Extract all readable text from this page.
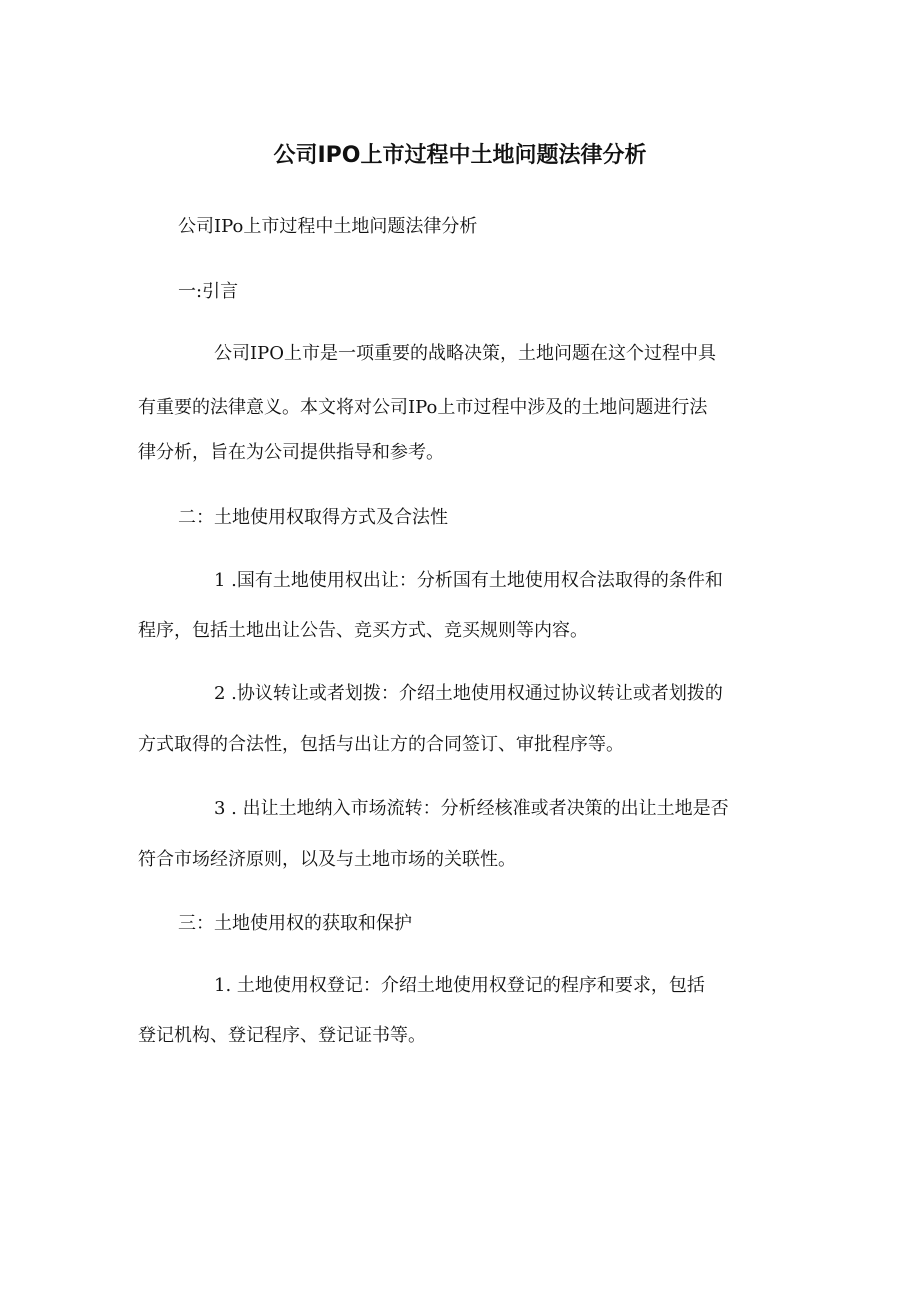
公司IPO上市过程中土地问题法律分析

公司IPo上市过程中土地问题法律分析

一:引言

公司IPO上市是一项重要的战略决策，土地问题在这个过程中具

有重要的法律意义。本文将对公司IPo上市过程中涉及的土地问题进行法

律分析，旨在为公司提供指导和参考。

二：土地使用权取得方式及合法性

1 .国有土地使用权出让：分析国有土地使用权合法取得的条件和

程序，包括土地出让公告、竞买方式、竞买规则等内容。

2 .协议转让或者划拨：介绍土地使用权通过协议转让或者划拨的

方式取得的合法性，包括与出让方的合同签订、审批程序等。

3 . 出让土地纳入市场流转：分析经核准或者决策的出让土地是否

符合市场经济原则，以及与土地市场的关联性。

三：土地使用权的获取和保护

1. 土地使用权登记：介绍土地使用权登记的程序和要求，包括

登记机构、登记程序、登记证书等。
